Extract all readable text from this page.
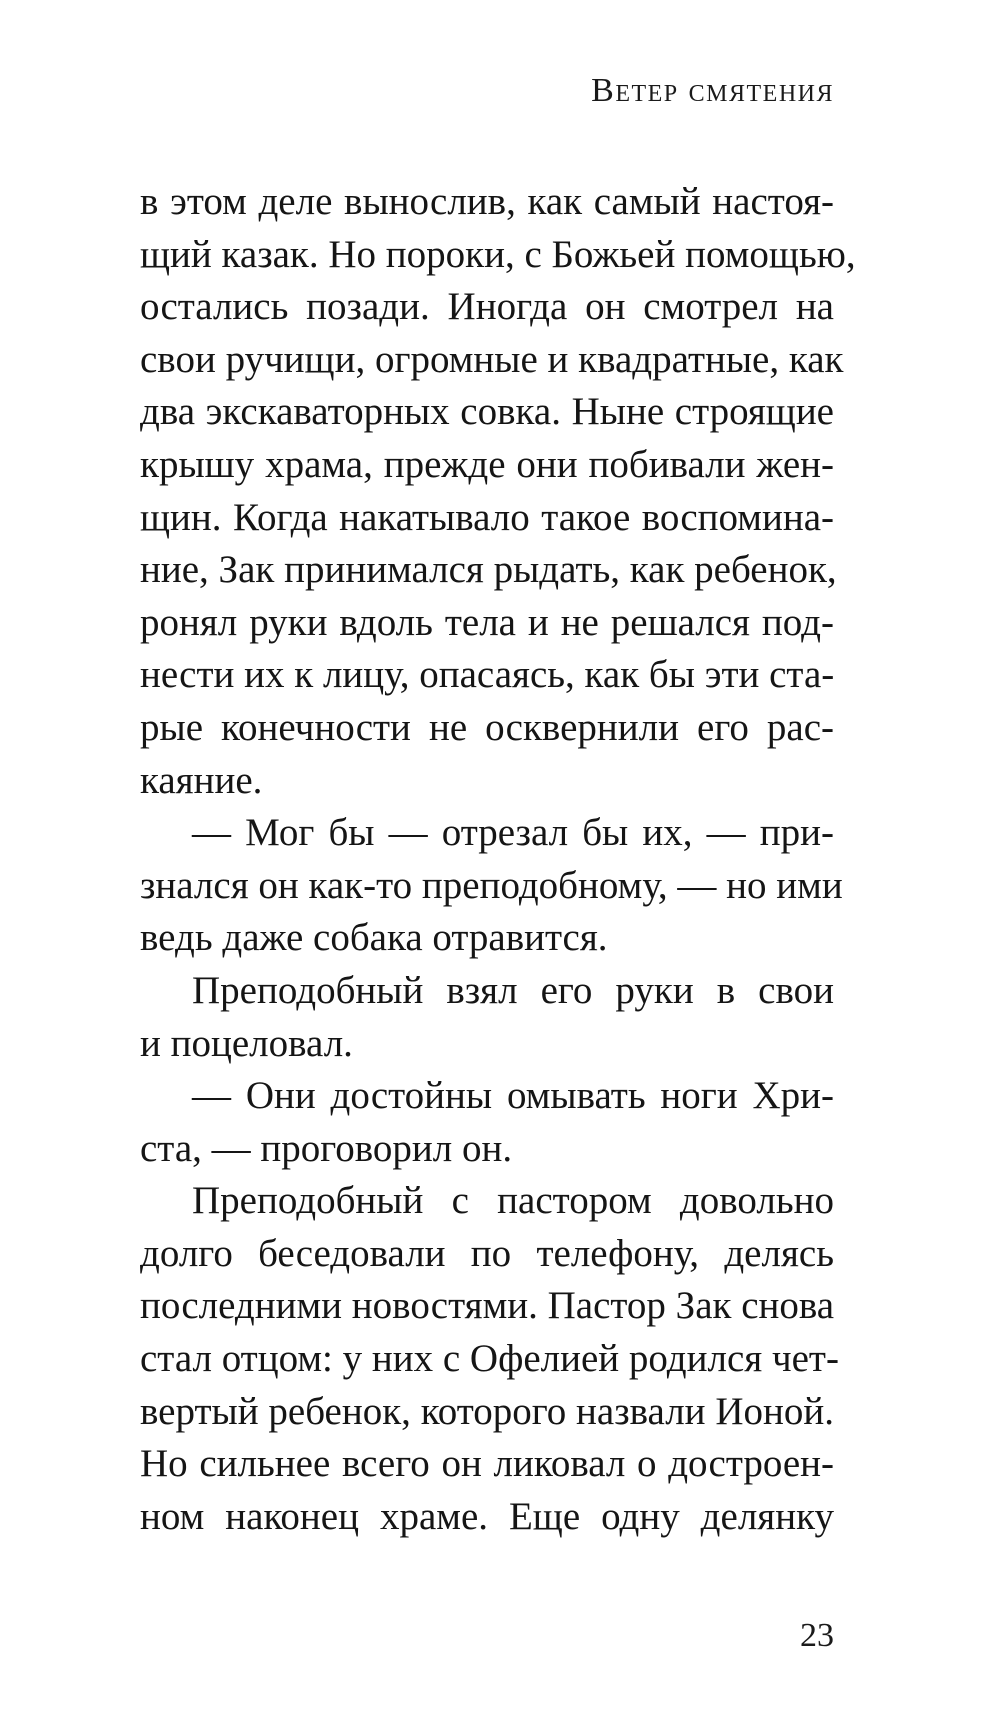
Ветер смятения
в этом деле вынослив, как самый настоя-
щий казак. Но пороки, с Божьей помощью,
остались позади. Иногда он смотрел на
свои ручищи, огромные и квадратные, как
два экскаваторных совка. Ныне строящие
крышу храма, прежде они побивали жен-
щин. Когда накатывало такое воспомина-
ние, Зак принимался рыдать, как ребенок,
ронял руки вдоль тела и не решался под-
нести их к лицу, опасаясь, как бы эти ста-
рые конечности не осквернили его рас-
каяние.
— Мог бы — отрезал бы их, — при-
знался он как-то преподобному, — но ими
ведь даже собака отравится.
Преподобный взял его руки в свои
и поцеловал.
— Они достойны омывать ноги Хри-
ста, — проговорил он.
Преподобный с пастором довольно
долго беседовали по телефону, делясь
последними новостями. Пастор Зак снова
стал отцом: у них с Офелией родился чет-
вертый ребенок, которого назвали Ионой.
Но сильнее всего он ликовал о достроен-
ном наконец храме. Еще одну делянку
23
